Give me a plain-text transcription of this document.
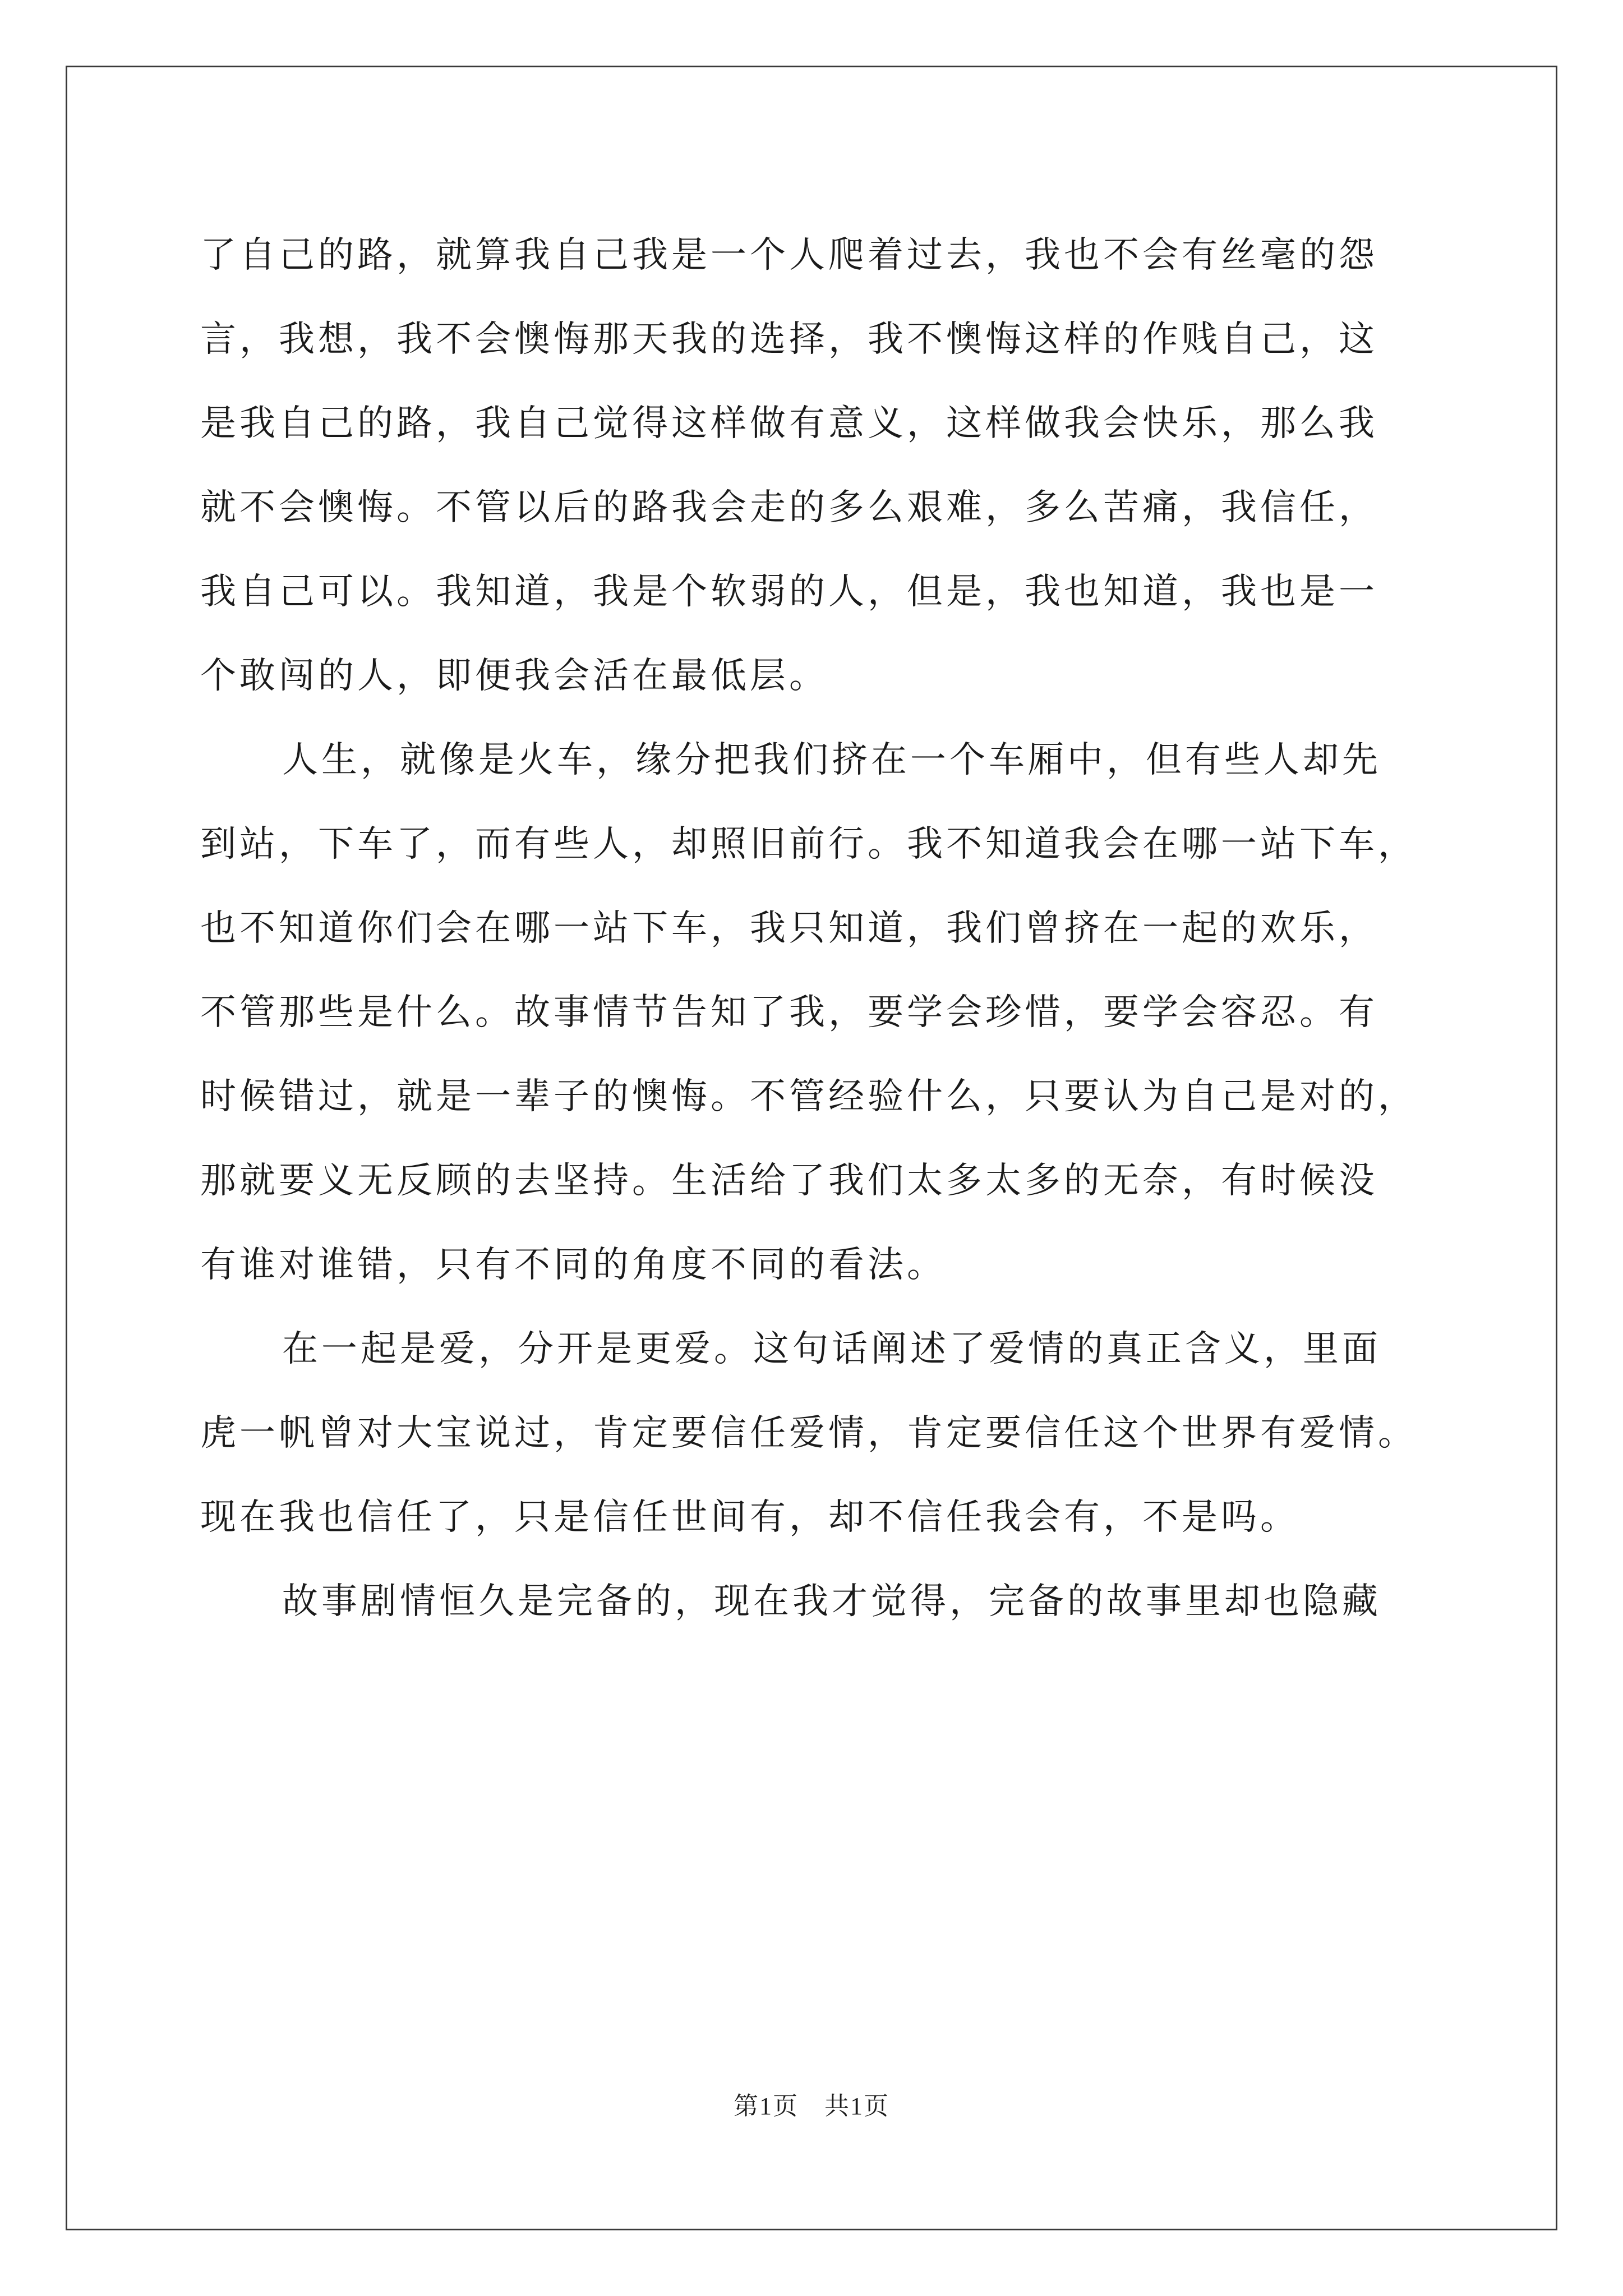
了自己的路，就算我自己我是一个人爬着过去，我也不会有丝毫的怨
言，我想，我不会懊悔那天我的选择，我不懊悔这样的作贱自己，这
是我自己的路，我自己觉得这样做有意义，这样做我会快乐，那么我
就不会懊悔。不管以后的路我会走的多么艰难，多么苦痛，我信任，
我自己可以。我知道，我是个软弱的人，但是，我也知道，我也是一
个敢闯的人，即便我会活在最低层。
人生，就像是火车，缘分把我们挤在一个车厢中，但有些人却先
到站，下车了，而有些人，却照旧前行。我不知道我会在哪一站下车，
也不知道你们会在哪一站下车，我只知道，我们曾挤在一起的欢乐，
不管那些是什么。故事情节告知了我，要学会珍惜，要学会容忍。有
时候错过，就是一辈子的懊悔。不管经验什么，只要认为自己是对的，
那就要义无反顾的去坚持。生活给了我们太多太多的无奈，有时候没
有谁对谁错，只有不同的角度不同的看法。
在一起是爱，分开是更爱。这句话阐述了爱情的真正含义，里面
虎一帆曾对大宝说过，肯定要信任爱情，肯定要信任这个世界有爱情。
现在我也信任了，只是信任世间有，却不信任我会有，不是吗。
故事剧情恒久是完备的，现在我才觉得，完备的故事里却也隐藏
第1页　共1页
